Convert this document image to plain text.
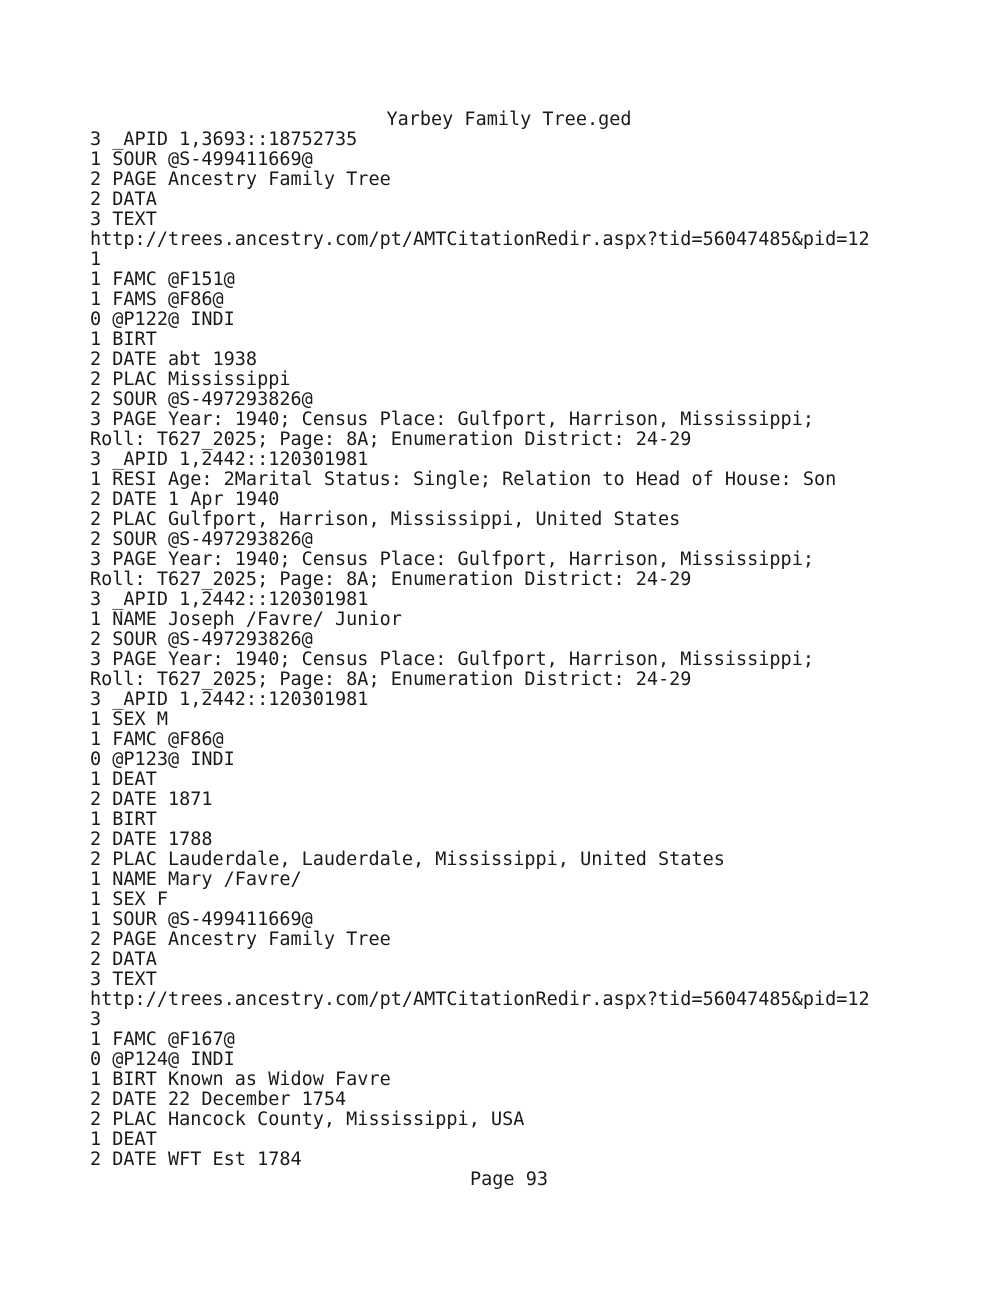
Yarbey Family Tree.ged
3 _APID 1,3693::18752735
1 SOUR @S-499411669@
2 PAGE Ancestry Family Tree
2 DATA
3 TEXT
http://trees.ancestry.com/pt/AMTCitationRedir.aspx?tid=56047485&pid=12
1
1 FAMC @F151@
1 FAMS @F86@
0 @P122@ INDI
1 BIRT
2 DATE abt 1938
2 PLAC Mississippi
2 SOUR @S-497293826@
3 PAGE Year: 1940; Census Place: Gulfport, Harrison, Mississippi;
Roll: T627_2025; Page: 8A; Enumeration District: 24-29
3 _APID 1,2442::120301981
1 RESI Age: 2Marital Status: Single; Relation to Head of House: Son
2 DATE 1 Apr 1940
2 PLAC Gulfport, Harrison, Mississippi, United States
2 SOUR @S-497293826@
3 PAGE Year: 1940; Census Place: Gulfport, Harrison, Mississippi;
Roll: T627_2025; Page: 8A; Enumeration District: 24-29
3 _APID 1,2442::120301981
1 NAME Joseph /Favre/ Junior
2 SOUR @S-497293826@
3 PAGE Year: 1940; Census Place: Gulfport, Harrison, Mississippi;
Roll: T627_2025; Page: 8A; Enumeration District: 24-29
3 _APID 1,2442::120301981
1 SEX M
1 FAMC @F86@
0 @P123@ INDI
1 DEAT
2 DATE 1871
1 BIRT
2 DATE 1788
2 PLAC Lauderdale, Lauderdale, Mississippi, United States
1 NAME Mary /Favre/
1 SEX F
1 SOUR @S-499411669@
2 PAGE Ancestry Family Tree
2 DATA
3 TEXT
http://trees.ancestry.com/pt/AMTCitationRedir.aspx?tid=56047485&pid=12
3
1 FAMC @F167@
0 @P124@ INDI
1 BIRT Known as Widow Favre
2 DATE 22 December 1754
2 PLAC Hancock County, Mississippi, USA
1 DEAT
2 DATE WFT Est 1784
Page 93
